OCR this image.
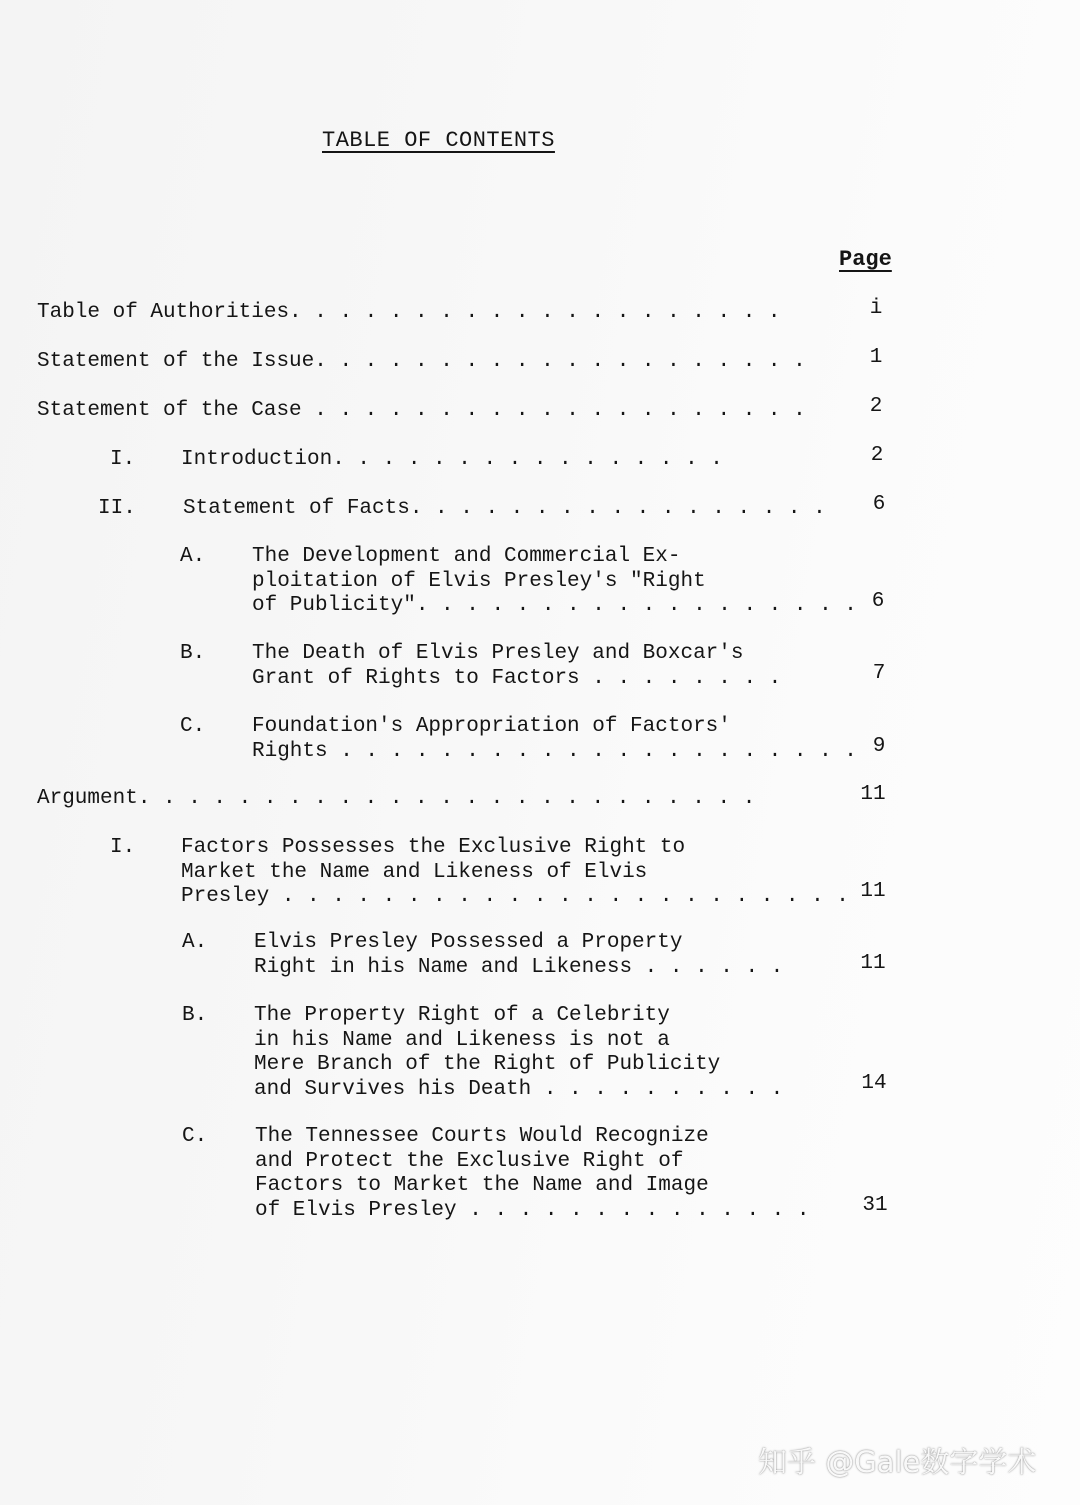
TABLE OF CONTENTS
Page
Table of Authorities. . . . . . . . . . . . . . . . . . . .	i
Statement of the Issue. . . . . . . . . . . . . . . . . . . .	1
Statement of the Case . . . . . . . . . . . . . . . . . . . .	2
I. Introduction. . . . . . . . . . . . . . . .	2
II. Statement of Facts. . . . . . . . . . . . . . . . .	6
A. The Development and Commercial Ex-
ploitation of Elvis Presley's "Right
of Publicity". . . . . . . . . . . . . . . . . . 6
B. The Death of Elvis Presley and Boxcar's
Grant of Rights to Factors . . . . . . . .	7
C. Foundation's Appropriation of Factors'
Rights . . . . . . . . . . . . . . . . . . . . . 9
Argument. . . . . . . . . . . . . . . . . . . . . . . . .	11
I. Factors Possesses the Exclusive Right to
Market the Name and Likeness of Elvis
Presley . . . . . . . . . . . . . . . . . . . . . . . 11
A. Elvis Presley Possessed a Property
Right in his Name and Likeness . . . . . .	11
B. The Property Right of a Celebrity
in his Name and Likeness is not a
Mere Branch of the Right of Publicity
and Survives his Death . . . . . . . . . .	14
C. The Tennessee Courts Would Recognize
and Protect the Exclusive Right of
Factors to Market the Name and Image
of Elvis Presley . . . . . . . . . . . . . .	31
知乎 @Gale数字学术
